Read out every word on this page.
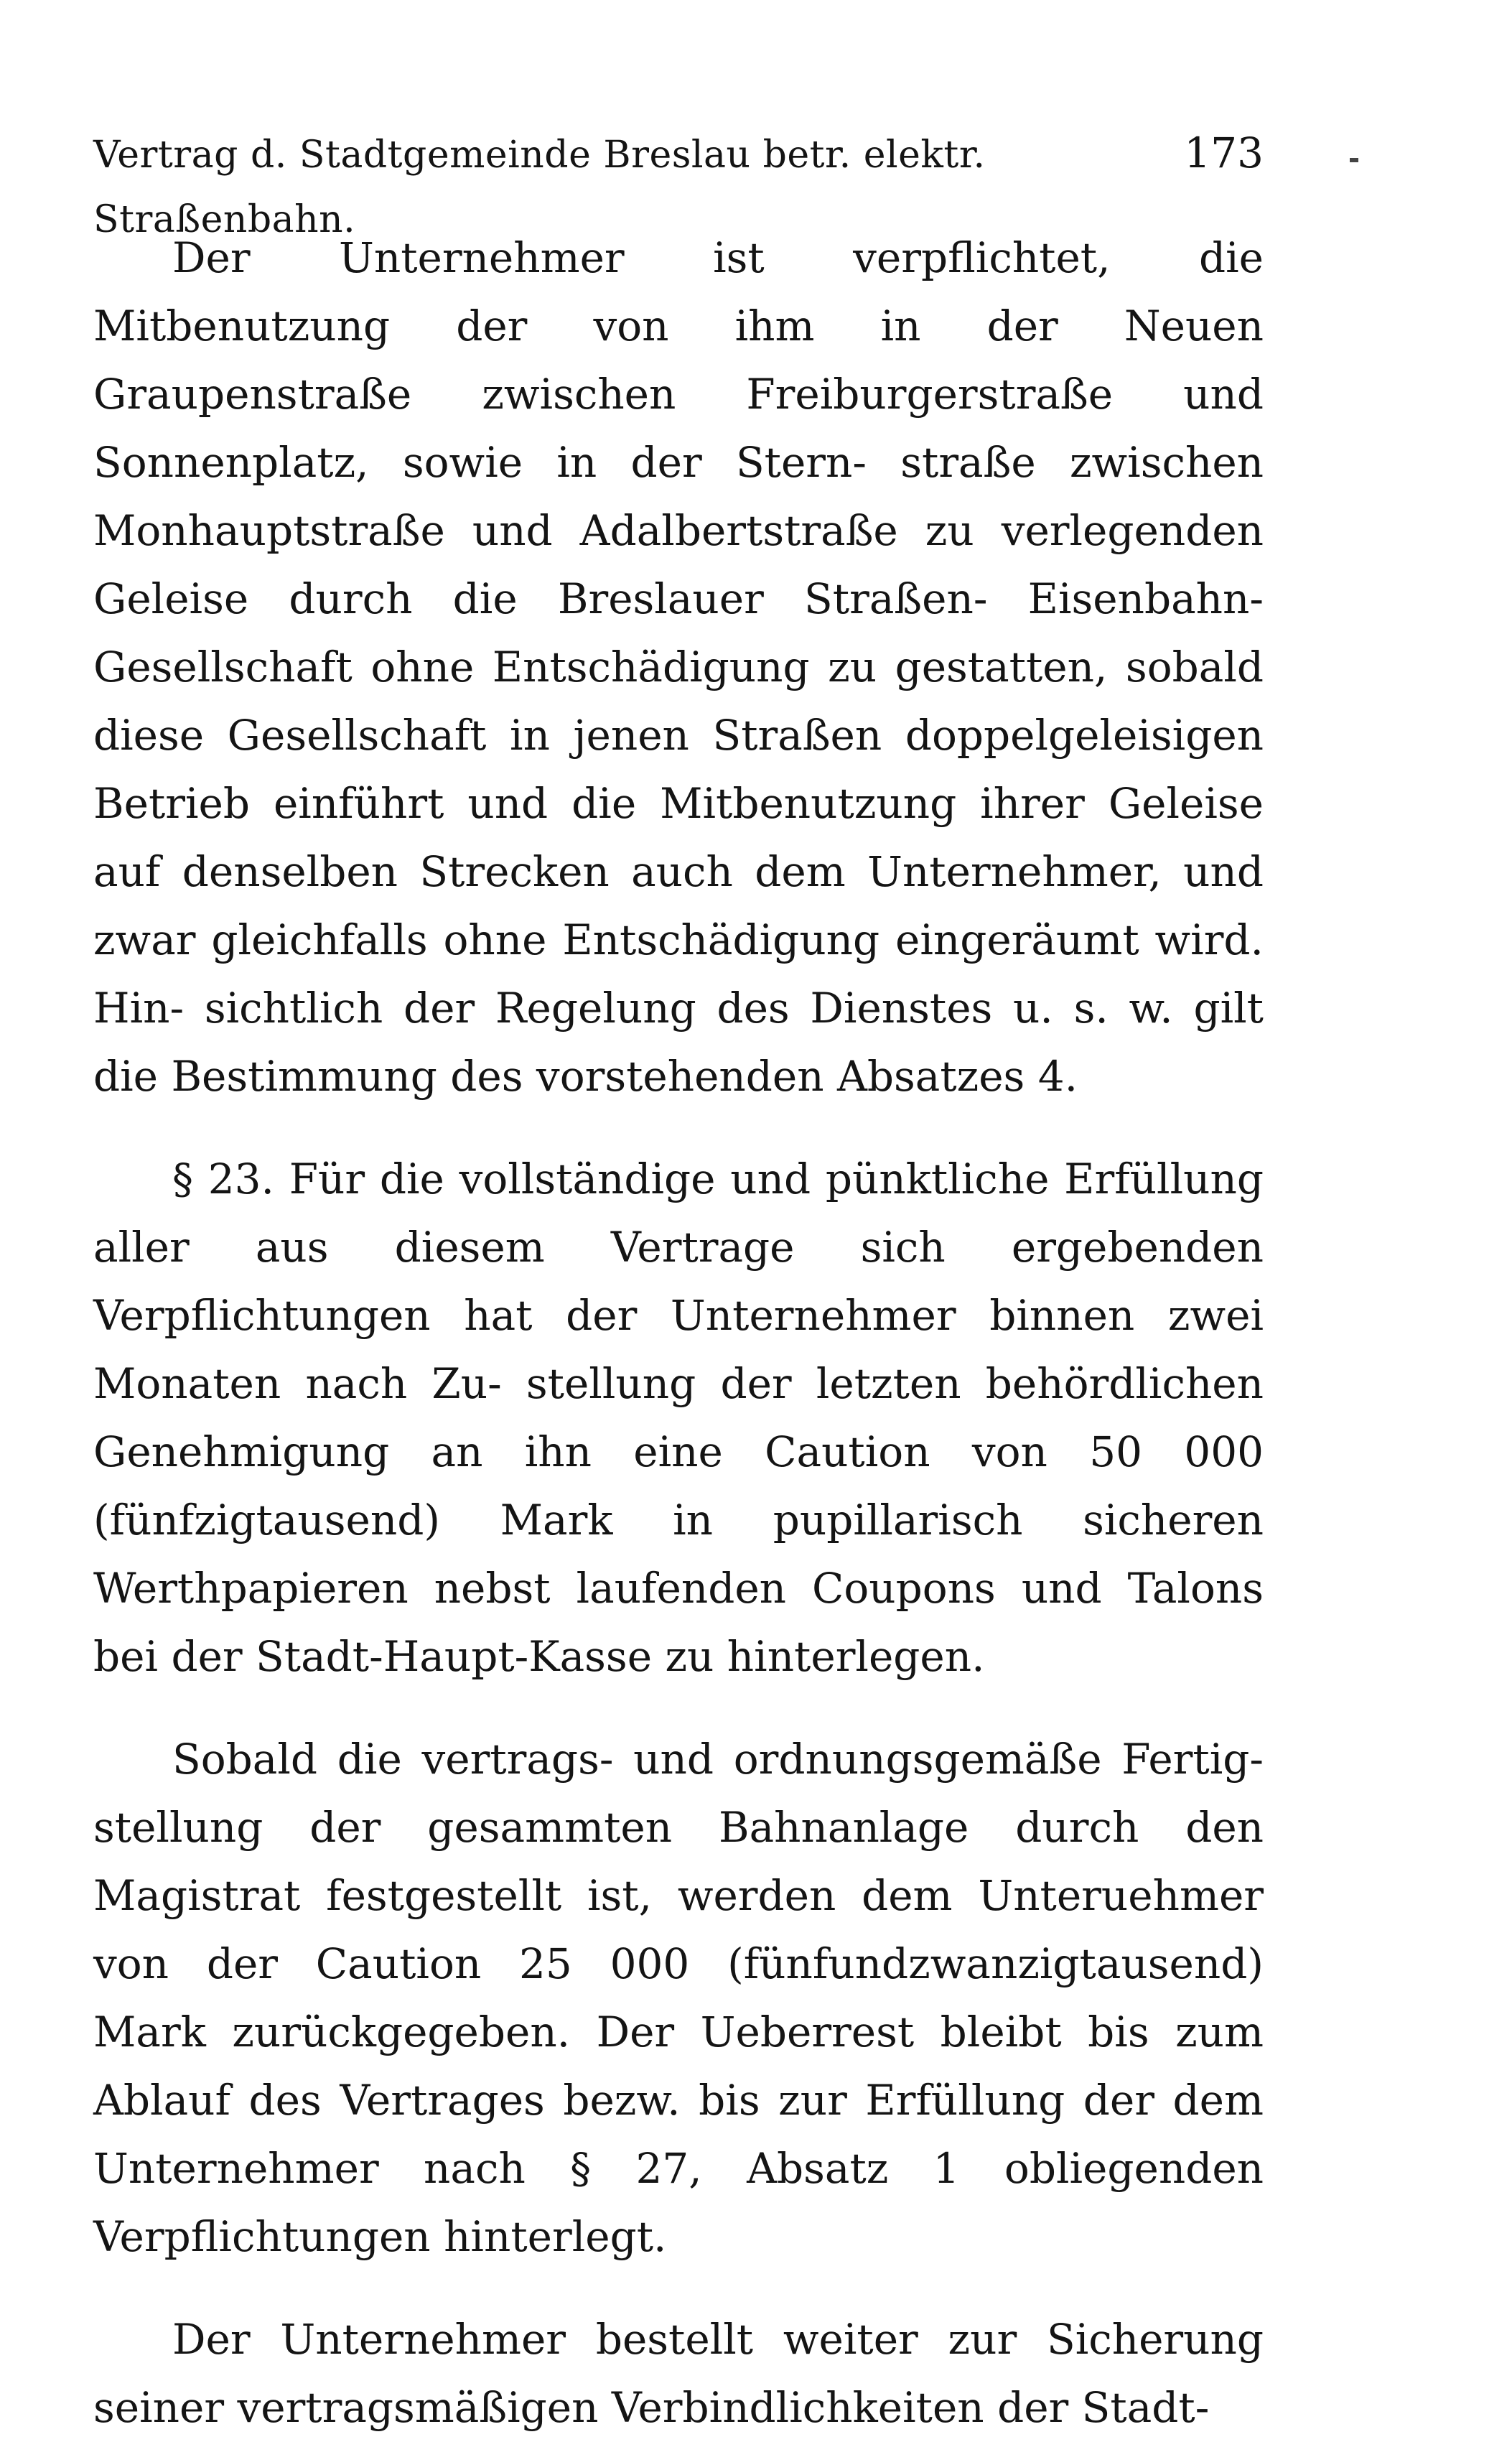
Vertrag d. Stadtgemeinde Breslau betr. elektr. Straßenbahn.
173

Der Unternehmer ist verpflichtet, die Mitbenutzung der von ihm in der Neuen Graupenstraße zwischen Freiburgerstraße und Sonnenplatz, sowie in der Stern- straße zwischen Monhauptstraße und Adalbertstraße zu verlegenden Geleise durch die Breslauer Straßen- Eisenbahn-Gesellschaft ohne Entschädigung zu gestatten, sobald diese Gesellschaft in jenen Straßen doppelgeleisigen Betrieb einführt und die Mitbenutzung ihrer Geleise auf denselben Strecken auch dem Unternehmer, und zwar gleichfalls ohne Entschädigung eingeräumt wird. Hin- sichtlich der Regelung des Dienstes u. s. w. gilt die Bestimmung des vorstehenden Absatzes 4.

§ 23. Für die vollständige und pünktliche Erfüllung aller aus diesem Vertrage sich ergebenden Verpflichtungen hat der Unternehmer binnen zwei Monaten nach Zu- stellung der letzten behördlichen Genehmigung an ihn eine Caution von 50 000 (fünfzigtausend) Mark in pupillarisch sicheren Werthpapieren nebst laufenden Coupons und Talons bei der Stadt-Haupt-Kasse zu hinterlegen.

Sobald die vertrags- und ordnungsgemäße Fertig- stellung der gesammten Bahnanlage durch den Magistrat festgestellt ist, werden dem Unteruehmer von der Caution 25 000 (fünfundzwanzigtausend) Mark zurückgegeben. Der Ueberrest bleibt bis zum Ablauf des Vertrages bezw. bis zur Erfüllung der dem Unternehmer nach § 27, Absatz 1 obliegenden Verpflichtungen hinterlegt.

Der Unternehmer bestellt weiter zur Sicherung seiner vertragsmäßigen Verbindlichkeiten der Stadt-
